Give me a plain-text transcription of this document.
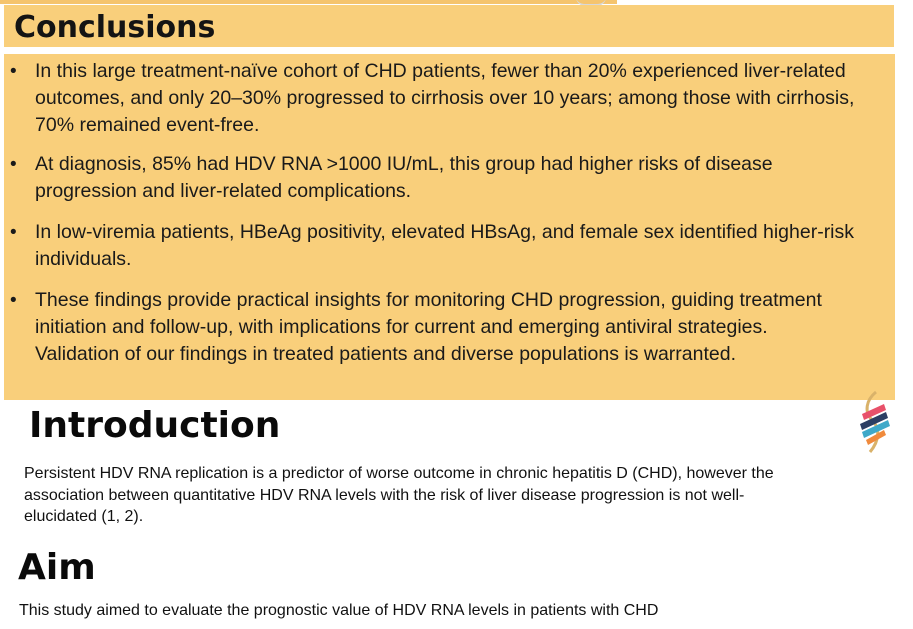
Conclusions
• In this large treatment-naïve cohort of CHD patients, fewer than 20% experienced liver-related outcomes, and only 20–30% progressed to cirrhosis over 10 years; among those with cirrhosis, 70% remained event-free.
• At diagnosis, 85% had HDV RNA >1000 IU/mL, this group had higher risks of disease progression and liver-related complications.
• In low-viremia patients, HBeAg positivity, elevated HBsAg, and female sex identified higher-risk individuals.
• These findings provide practical insights for monitoring CHD progression, guiding treatment initiation and follow-up, with implications for current and emerging antiviral strategies. Validation of our findings in treated patients and diverse populations is warranted.
Introduction

Persistent HDV RNA replication is a predictor of worse outcome in chronic hepatitis D (CHD), however the association between quantitative HDV RNA levels with the risk of liver disease progression is not well-elucidated (1, 2).

Aim

This study aimed to evaluate the prognostic value of HDV RNA levels in patients with CHD
